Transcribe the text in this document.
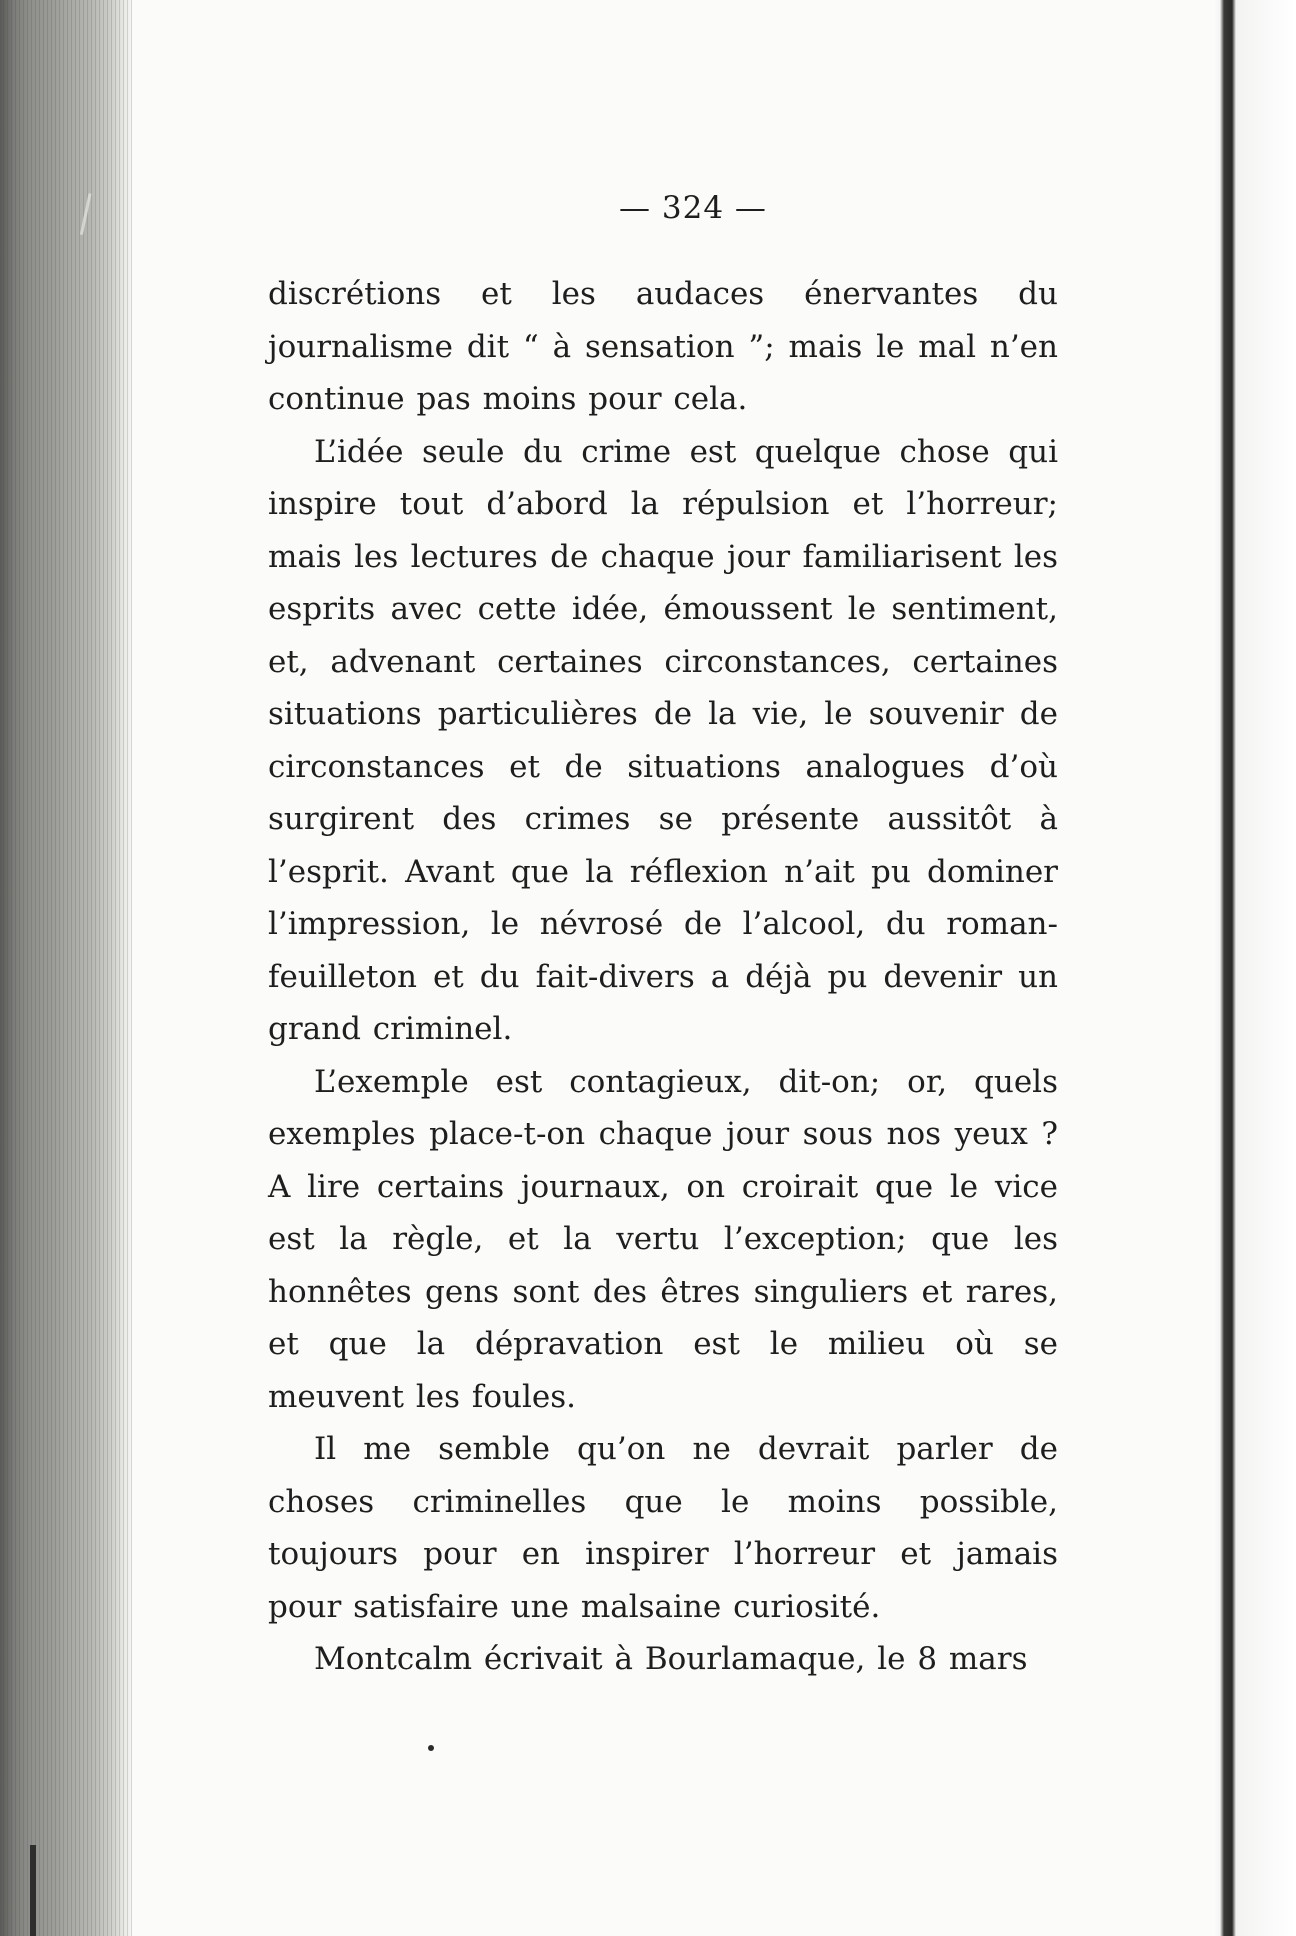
— 324 —

discrétions et les audaces énervantes du journalisme dit “ à sensation ”; mais le mal n’en continue pas moins pour cela.

L’idée seule du crime est quelque chose qui inspire tout d’abord la répulsion et l’horreur; mais les lectures de chaque jour familiarisent les esprits avec cette idée, émoussent le sentiment, et, advenant certaines circonstances, certaines situations particulières de la vie, le souvenir de circonstances et de situations analogues d’où surgirent des crimes se présente aussitôt à l’esprit. Avant que la réflexion n’ait pu dominer l’impression, le névrosé de l’alcool, du roman-feuilleton et du fait-divers a déjà pu devenir un grand criminel.

L’exemple est contagieux, dit-on; or, quels exemples place-t-on chaque jour sous nos yeux ? A lire certains journaux, on croirait que le vice est la règle, et la vertu l’exception; que les honnêtes gens sont des êtres singuliers et rares, et que la dépravation est le milieu où se meuvent les foules.

Il me semble qu’on ne devrait parler de choses criminelles que le moins possible, toujours pour en inspirer l’horreur et jamais pour satisfaire une malsaine curiosité.

Montcalm écrivait à Bourlamaque, le 8 mars
